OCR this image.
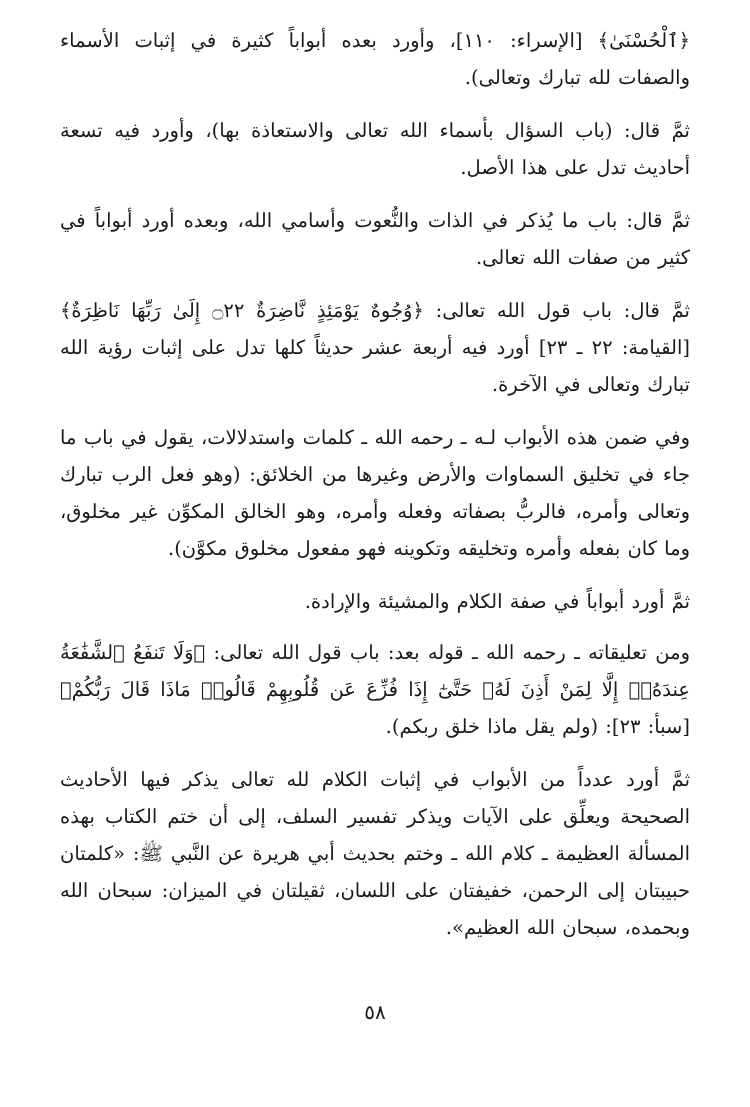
﴿ٱلْحُسْنَىٰ﴾ [الإسراء: ١١٠]، وأورد بعده أبواباً كثيرة في إثبات الأسماء والصفات لله تبارك وتعالى).

ثمَّ قال: (باب السؤال بأسماء الله تعالى والاستعاذة بها)، وأورد فيه تسعة أحاديث تدل على هذا الأصل.

ثمَّ قال: باب ما يُذكر في الذات والنُّعوت وأسامي الله، وبعده أورد أبواباً في كثير من صفات الله تعالى.

ثمَّ قال: باب قول الله تعالى: ﴿وُجُوهٌ يَوْمَئِذٍ نَّاضِرَةٌ ۝٢٢ إِلَىٰ رَبِّهَا نَاظِرَةٌ﴾ [القيامة: ٢٢ ـ ٢٣] أورد فيه أربعة عشر حديثاً كلها تدل على إثبات رؤية الله تبارك وتعالى في الآخرة.

وفي ضمن هذه الأبواب لـه ـ رحمه الله ـ كلمات واستدلالات، يقول في باب ما جاء في تخليق السماوات والأرض وغيرها من الخلائق: (وهو فعل الرب تبارك وتعالى وأمره، فالربُّ بصفاته وفعله وأمره، وهو الخالق المكوِّن غير مخلوق، وما كان بفعله وأمره وتخليقه وتكوينه فهو مفعول مخلوق مكوَّن).

ثمَّ أورد أبواباً في صفة الكلام والمشيئة والإرادة.

ومن تعليقاته ـ رحمه الله ـ قوله بعد: باب قول الله تعالى: ﴿وَلَا تَنفَعُ ٱلشَّفَٰعَةُ عِندَهُۥٓ إِلَّا لِمَنْ أَذِنَ لَهُۥ حَتَّىٰٓ إِذَا فُزِّعَ عَن قُلُوبِهِمْ قَالُوا۟ مَاذَا قَالَ رَبُّكُمْ﴾ [سبأ: ٢٣]: (ولم يقل ماذا خلق ربكم).

ثمَّ أورد عدداً من الأبواب في إثبات الكلام لله تعالى يذكر فيها الأحاديث الصحيحة ويعلِّق على الآيات ويذكر تفسير السلف، إلى أن ختم الكتاب بهذه المسألة العظيمة ـ كلام الله ـ وختم بحديث أبي هريرة عن النَّبي ﷺ: «كلمتان حبيبتان إلى الرحمن، خفيفتان على اللسان، ثقيلتان في الميزان: سبحان الله وبحمده، سبحان الله العظيم».

٥٨
